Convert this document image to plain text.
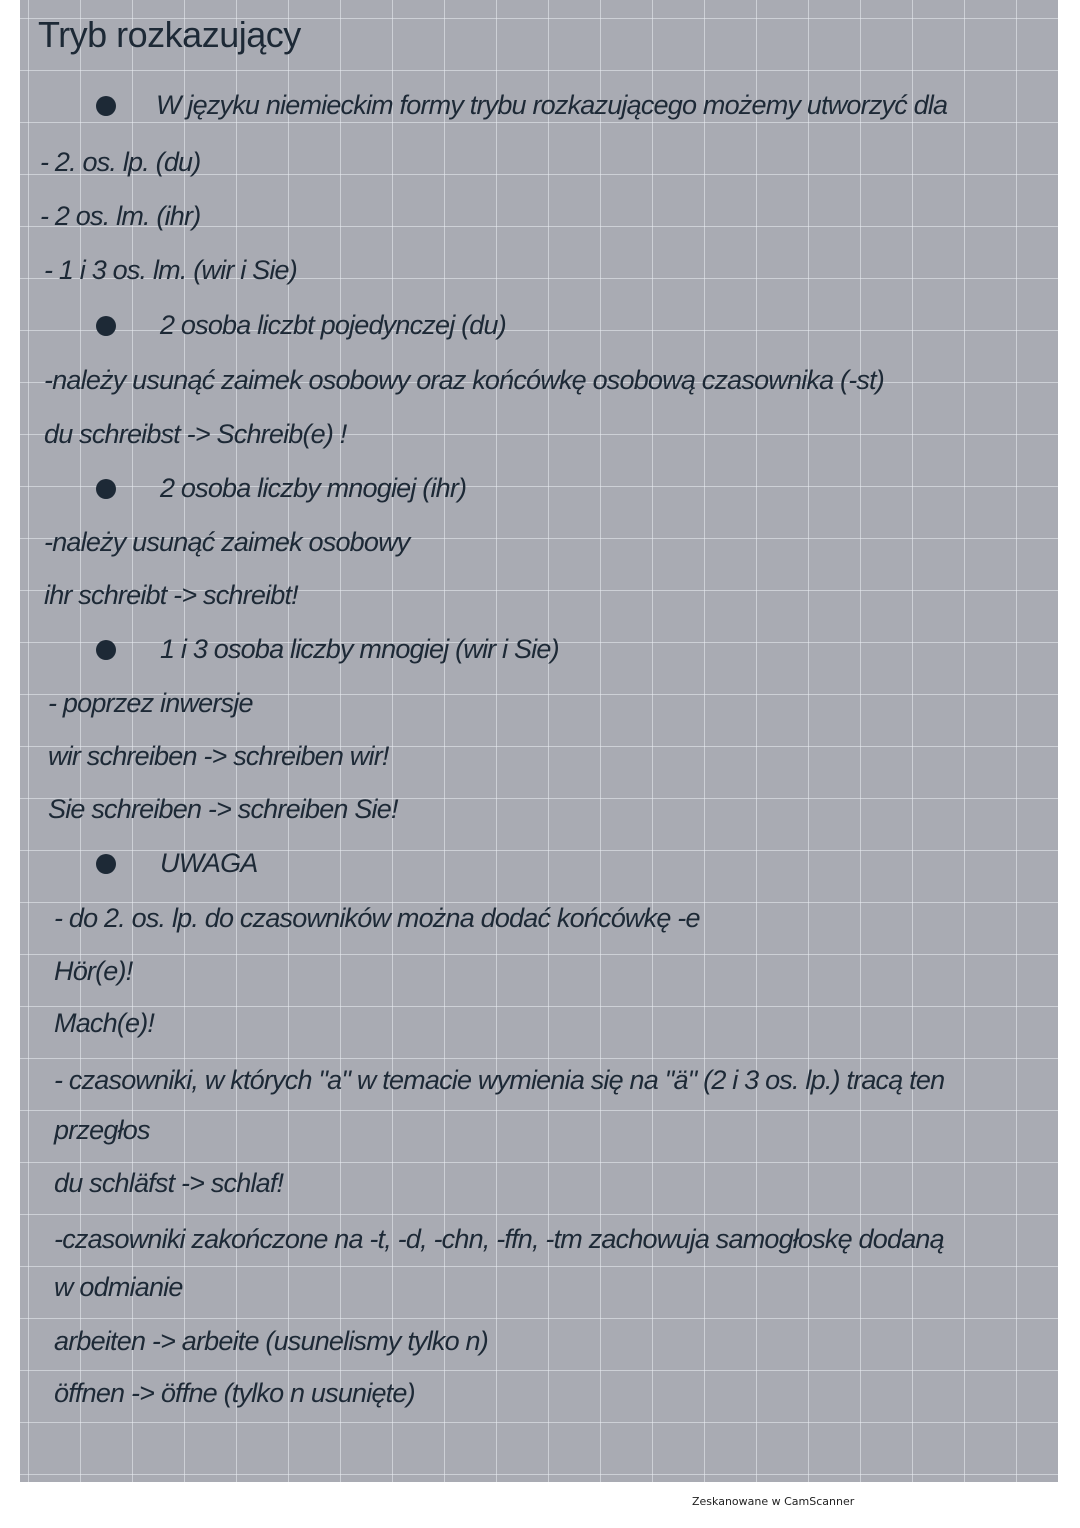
Tryb rozkazujący
W języku niemieckim formy trybu rozkazującego możemy utworzyć dla
- 2. os. lp. (du)
- 2 os. lm. (ihr)
- 1 i 3 os. lm. (wir i Sie)
2 osoba liczbt pojedynczej (du)
-należy usunąć zaimek osobowy oraz końcówkę osobową czasownika (-st)
du schreibst -> Schreib(e) !
2 osoba liczby mnogiej (ihr)
-należy usunąć zaimek osobowy
ihr schreibt -> schreibt!
1 i 3 osoba liczby mnogiej (wir i Sie)
- poprzez inwersje
wir schreiben -> schreiben wir!
Sie schreiben -> schreiben Sie!
UWAGA
- do 2. os. lp. do czasowników można dodać końcówkę -e
Hör(e)!
Mach(e)!
- czasowniki, w których "a" w temacie wymienia się na "ä" (2 i 3 os. lp.) tracą ten
przegłos
du schläfst -> schlaf!
-czasowniki zakończone na -t, -d, -chn, -ffn, -tm zachowuja samogłoskę dodaną
w odmianie
arbeiten -> arbeite (usunelismy tylko n)
öffnen -> öffne (tylko n usunięte)
Zeskanowane w CamScanner
